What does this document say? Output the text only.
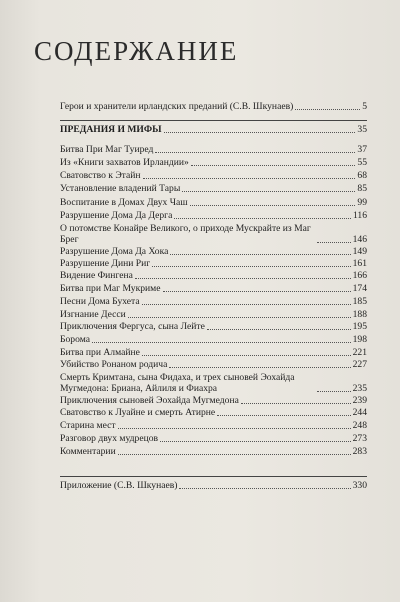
СОДЕРЖАНИЕ
Герои и хранители ирландских преданий (С.В. Шкунаев)	5
ПРЕДАНИЯ И МИФЫ	35
Битва При Маг Туиред	37
Из «Книги захватов Ирландии»	55
Сватовство к Этайн	68
Установление владений Тары	85
Воспитание в Домах Двух Чаш	99
Разрушение Дома Да Дерга	116
О потомстве Конайре Великого, о приходе Мускрайте из Маг Брег	146
Разрушение Дома Да Хока	149
Разрушение Дини Риг	161
Видение Фингена	166
Битва при Маг Мукриме	174
Песни Дома Бухета	185
Изгнание Десси	188
Приключения Фергуса, сына Лейте	195
Борома	198
Битва при Алмайне	221
Убийство Ронаном родича	227
Смерть Кримтана, сына Фидаха, и трех сыновей Эохайда Мугмедона: Бриана, Айлиля и Фиахра	235
Приключения сыновей Эохайда Мугмедона	239
Сватовство к Луайне и смерть Атирне	244
Старина мест	248
Разговор двух мудрецов	273
Комментарии	283
Приложение (С.В. Шкунаев)	330
